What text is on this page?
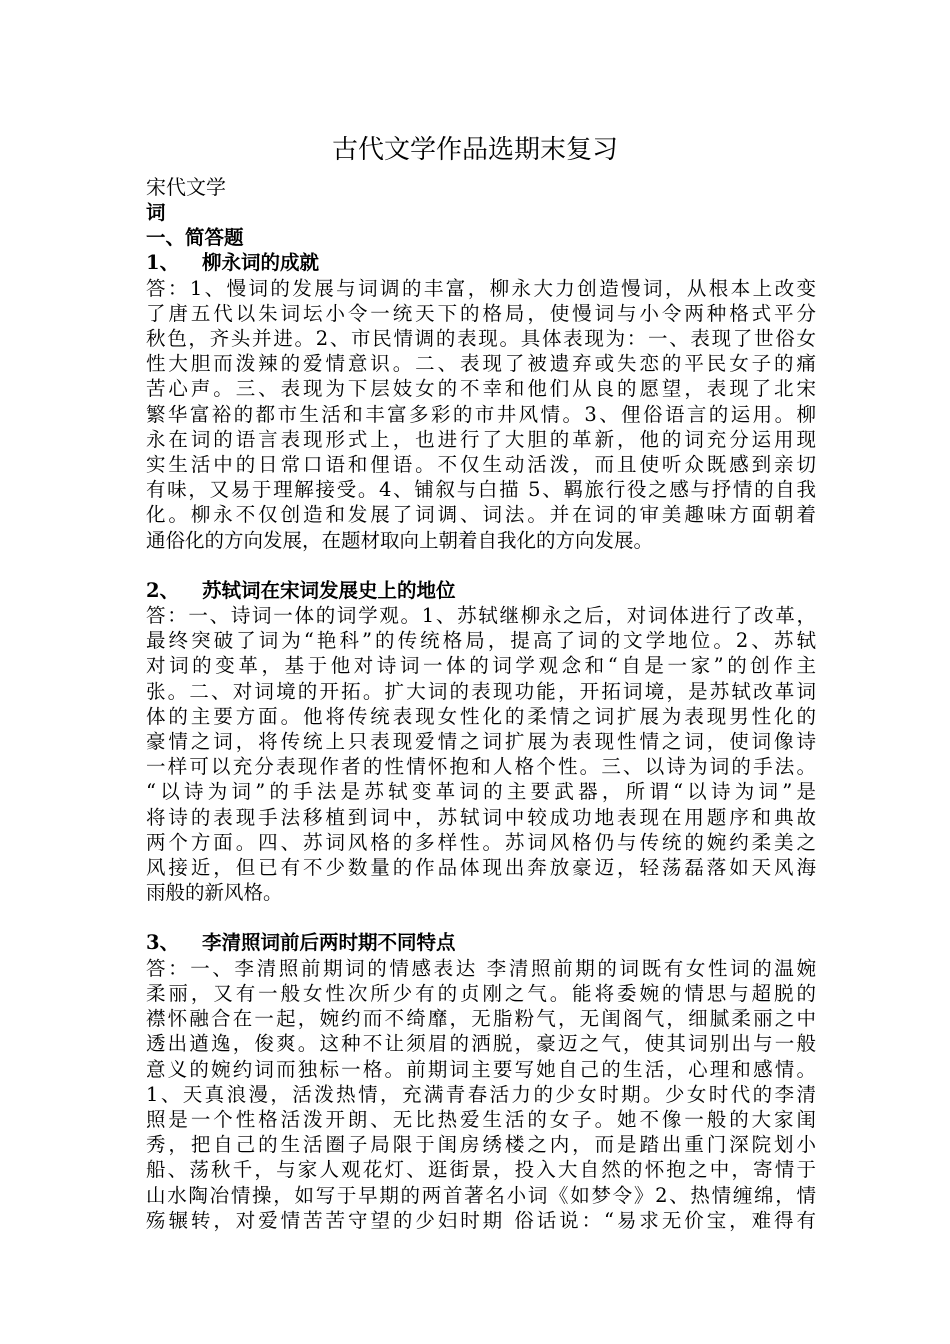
古代文学作品选期末复习
宋代文学
词
一、简答题
1、 柳永词的成就
答：1、慢词的发展与词调的丰富，柳永大力创造慢词，从根本上改变
了唐五代以朱词坛小令一统天下的格局，使慢词与小令两种格式平分
秋色，齐头并进。2、市民情调的表现。具体表现为：一、表现了世俗女
性大胆而泼辣的爱情意识。二、表现了被遗弃或失恋的平民女子的痛
苦心声。三、表现为下层妓女的不幸和他们从良的愿望，表现了北宋
繁华富裕的都市生活和丰富多彩的市井风情。3、俚俗语言的运用。柳
永在词的语言表现形式上，也进行了大胆的革新，他的词充分运用现
实生活中的日常口语和俚语。不仅生动活泼，而且使听众既感到亲切
有味，又易于理解接受。4、铺叙与白描 5、羁旅行役之感与抒情的自我
化。柳永不仅创造和发展了词调、词法。并在词的审美趣味方面朝着
通俗化的方向发展，在题材取向上朝着自我化的方向发展。
2、 苏轼词在宋词发展史上的地位
答：一、诗词一体的词学观。1、苏轼继柳永之后，对词体进行了改革，
最终突破了词为“艳科”的传统格局，提高了词的文学地位。2、苏轼
对词的变革，基于他对诗词一体的词学观念和“自是一家”的创作主
张。二、对词境的开拓。扩大词的表现功能，开拓词境，是苏轼改革词
体的主要方面。他将传统表现女性化的柔情之词扩展为表现男性化的
豪情之词，将传统上只表现爱情之词扩展为表现性情之词，使词像诗
一样可以充分表现作者的性情怀抱和人格个性。三、以诗为词的手法。
“以诗为词”的手法是苏轼变革词的主要武器，所谓“以诗为词”是
将诗的表现手法移植到词中，苏轼词中较成功地表现在用题序和典故
两个方面。四、苏词风格的多样性。苏词风格仍与传统的婉约柔美之
风接近，但已有不少数量的作品体现出奔放豪迈，轻荡磊落如天风海
雨般的新风格。
3、 李清照词前后两时期不同特点
答：一、李清照前期词的情感表达 李清照前期的词既有女性词的温婉
柔丽，又有一般女性次所少有的贞刚之气。能将委婉的情思与超脱的
襟怀融合在一起，婉约而不绮靡，无脂粉气，无闺阁气，细腻柔丽之中
透出遒逸，俊爽。这种不让须眉的洒脱，豪迈之气，使其词别出与一般
意义的婉约词而独标一格。前期词主要写她自己的生活，心理和感情。
1、天真浪漫，活泼热情，充满青春活力的少女时期。少女时代的李清
照是一个性格活泼开朗、无比热爱生活的女子。她不像一般的大家闺
秀，把自己的生活圈子局限于闺房绣楼之内，而是踏出重门深院划小
船、荡秋千，与家人观花灯、逛街景，投入大自然的怀抱之中，寄情于
山水陶冶情操，如写于早期的两首著名小词《如梦令》2、热情缠绵，情
殇辗转，对爱情苦苦守望的少妇时期 俗话说：“易求无价宝，难得有
